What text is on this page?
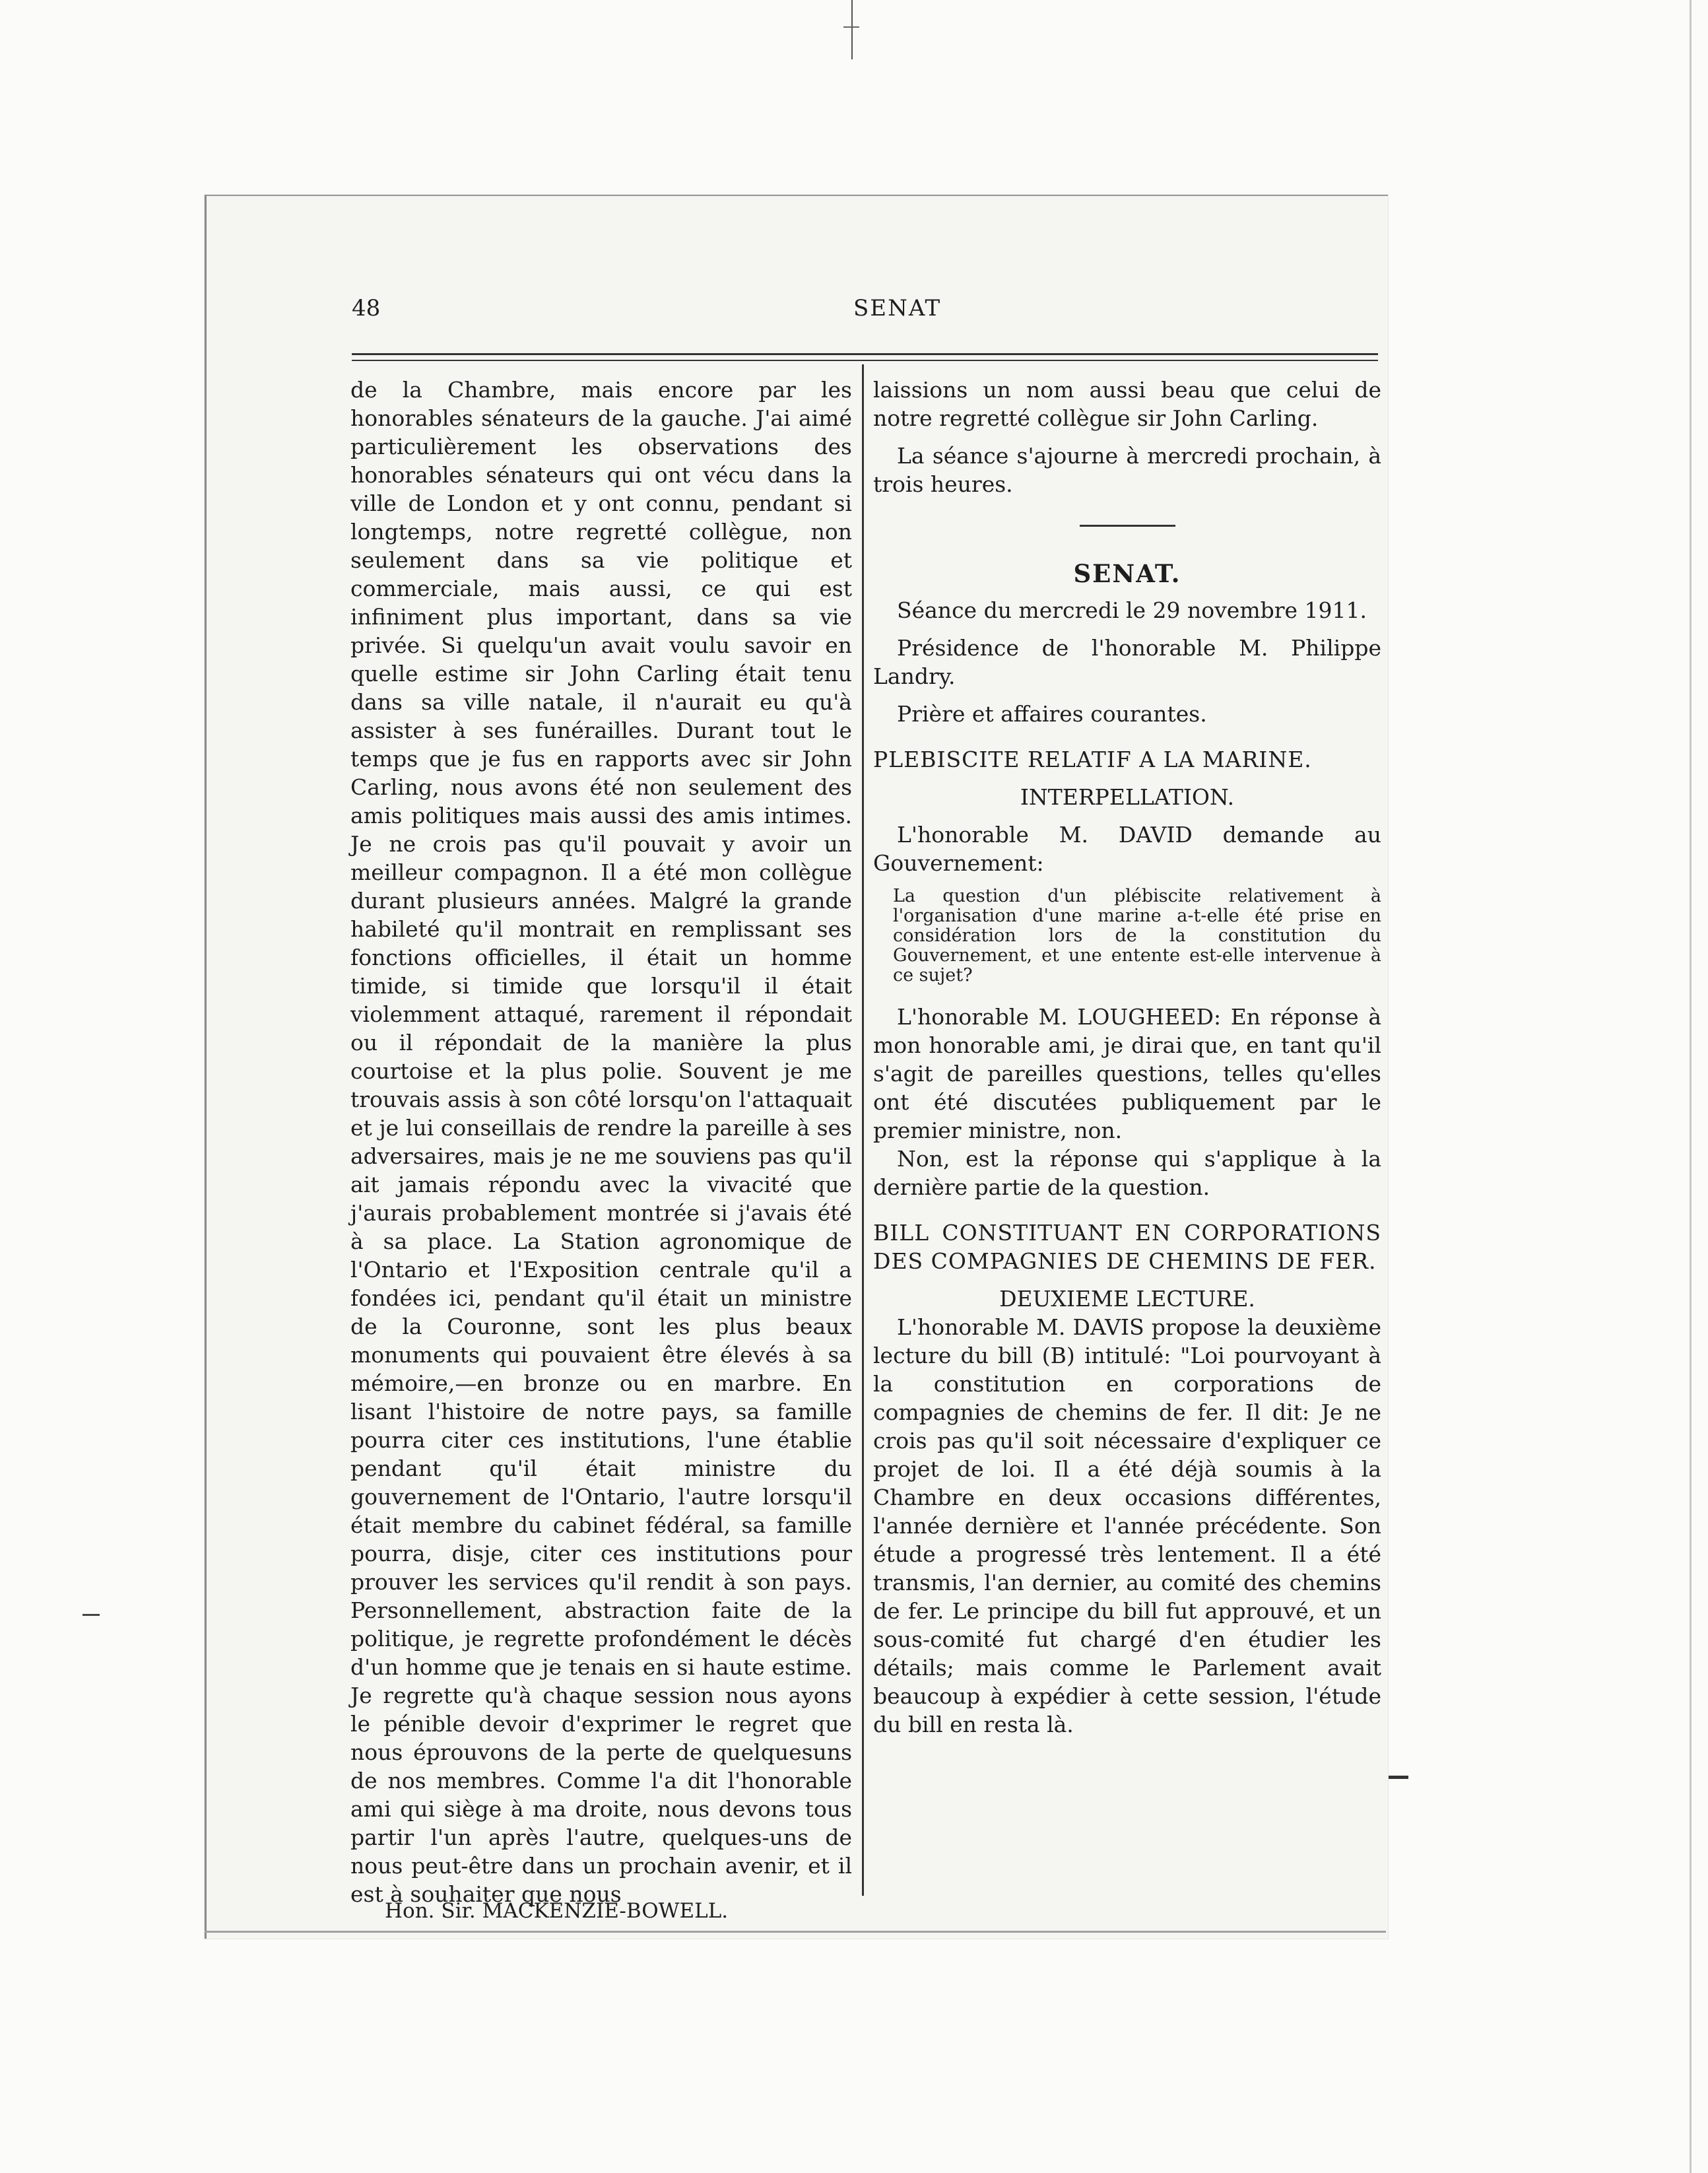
48	SENAT

de la Chambre, mais encore par les honorables sénateurs de la gauche. J'ai aimé particulièrement les observations des honorables sénateurs qui ont vécu dans la ville de London et y ont connu, pendant si longtemps, notre regretté collègue, non seulement dans sa vie politique et commerciale, mais aussi, ce qui est infiniment plus important, dans sa vie privée. Si quelqu'un avait voulu savoir en quelle estime sir John Carling était tenu dans sa ville natale, il n'aurait eu qu'à assister à ses funérailles. Durant tout le temps que je fus en rapports avec sir John Carling, nous avons été non seulement des amis politiques mais aussi des amis intimes. Je ne crois pas qu'il pouvait y avoir un meilleur compagnon. Il a été mon collègue durant plusieurs années. Malgré la grande habileté qu'il montrait en remplissant ses fonctions officielles, il était un homme timide, si timide que lorsqu'il il était violemment attaqué, rarement il répondait ou il répondait de la manière la plus courtoise et la plus polie. Souvent je me trouvais assis à son côté lorsqu'on l'attaquait et je lui conseillais de rendre la pareille à ses adversaires, mais je ne me souviens pas qu'il ait jamais répondu avec la vivacité que j'aurais probablement montrée si j'avais été à sa place. La Station agronomique de l'Ontario et l'Exposition centrale qu'il a fondées ici, pendant qu'il était un ministre de la Couronne, sont les plus beaux monuments qui pouvaient être élevés à sa mémoire,—en bronze ou en marbre. En lisant l'histoire de notre pays, sa famille pourra citer ces institutions, l'une établie pendant qu'il était ministre du gouvernement de l'Ontario, l'autre lorsqu'il était membre du cabinet fédéral, sa famille pourra, disje, citer ces institutions pour prouver les services qu'il rendit à son pays. Personnellement, abstraction faite de la politique, je regrette profondément le décès d'un homme que je tenais en si haute estime. Je regrette qu'à chaque session nous ayons le pénible devoir d'exprimer le regret que nous éprouvons de la perte de quelquesuns de nos membres. Comme l'a dit l'honorable ami qui siège à ma droite, nous devons tous partir l'un après l'autre, quelques-uns de nous peut-être dans un prochain avenir, et il est à souhaiter que nous

Hon. Sir. MACKENZIE-BOWELL.

laissions un nom aussi beau que celui de notre regretté collègue sir John Carling.

La séance s'ajourne à mercredi prochain, à trois heures.

SENAT.

Séance du mercredi le 29 novembre 1911.

Présidence de l'honorable M. Philippe Landry.

Prière et affaires courantes.

PLEBISCITE RELATIF A LA MARINE.

INTERPELLATION.

L'honorable M. DAVID demande au Gouvernement:

La question d'un plébiscite relativement à l'organisation d'une marine a-t-elle été prise en considération lors de la constitution du Gouvernement, et une entente est-elle intervenue à ce sujet?

L'honorable M. LOUGHEED: En réponse à mon honorable ami, je dirai que, en tant qu'il s'agit de pareilles questions, telles qu'elles ont été discutées publiquement par le premier ministre, non.

Non, est la réponse qui s'applique à la dernière partie de la question.

BILL CONSTITUANT EN CORPORATIONS DES COMPAGNIES DE CHEMINS DE FER.

DEUXIEME LECTURE.

L'honorable M. DAVIS propose la deuxième lecture du bill (B) intitulé: "Loi pourvoyant à la constitution en corporations de compagnies de chemins de fer. Il dit: Je ne crois pas qu'il soit nécessaire d'expliquer ce projet de loi. Il a été déjà soumis à la Chambre en deux occasions différentes, l'année dernière et l'année précédente. Son étude a progressé très lentement. Il a été transmis, l'an dernier, au comité des chemins de fer. Le principe du bill fut approuvé, et un sous-comité fut chargé d'en étudier les détails; mais comme le Parlement avait beaucoup à expédier à cette session, l'étude du bill en resta là.
